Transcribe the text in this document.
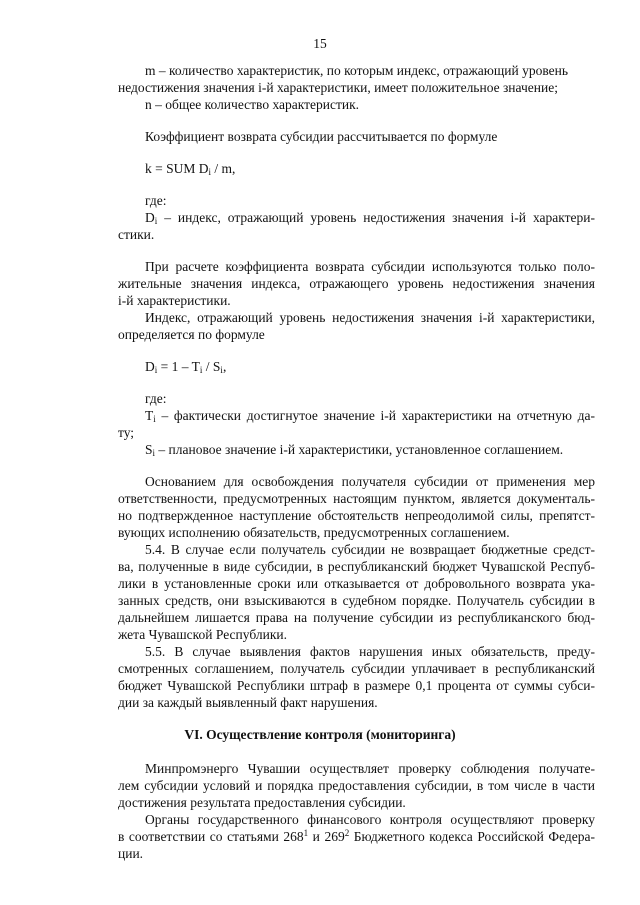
15
m – количество характеристик, по которым индекс, отражающий уровень
недостижения значения i-й характеристики, имеет положительное значение;
n – общее количество характеристик.
Коэффициент возврата субсидии рассчитывается по формуле
k = SUM $D_i$ / m,
где:
$D_i$ – индекс, отражающий уровень недостижения значения i-й характери-
стики.
При расчете коэффициента возврата субсидии используются только поло-
жительные значения индекса, отражающего уровень недостижения значения
i-й характеристики.
Индекс, отражающий уровень недостижения значения i-й характеристики,
определяется по формуле
$D_i = 1 - T_i / S_i$,
где:
$T_i$ – фактически достигнутое значение i-й характеристики на отчетную да-
ту;
$S_i$ – плановое значение i-й характеристики, установленное соглашением.
Основанием для освобождения получателя субсидии от применения мер
ответственности, предусмотренных настоящим пунктом, является документаль-
но подтвержденное наступление обстоятельств непреодолимой силы, препятст-
вующих исполнению обязательств, предусмотренных соглашением.
5.4. В случае если получатель субсидии не возвращает бюджетные средст-
ва, полученные в виде субсидии, в республиканский бюджет Чувашской Респуб-
лики в установленные сроки или отказывается от добровольного возврата ука-
занных средств, они взыскиваются в судебном порядке. Получатель субсидии в
дальнейшем лишается права на получение субсидии из республиканского бюд-
жета Чувашской Республики.
5.5. В случае выявления фактов нарушения иных обязательств, преду-
смотренных соглашением, получатель субсидии уплачивает в республиканский
бюджет Чувашской Республики штраф в размере 0,1 процента от суммы субси-
дии за каждый выявленный факт нарушения.
VI. Осуществление контроля (мониторинга)
Минпромэнерго Чувашии осуществляет проверку соблюдения получате-
лем субсидии условий и порядка предоставления субсидии, в том числе в части
достижения результата предоставления субсидии.
Органы государственного финансового контроля осуществляют проверку
в соответствии со статьями $268^1$ и $269^2$ Бюджетного кодекса Российской Федера-
ции.
